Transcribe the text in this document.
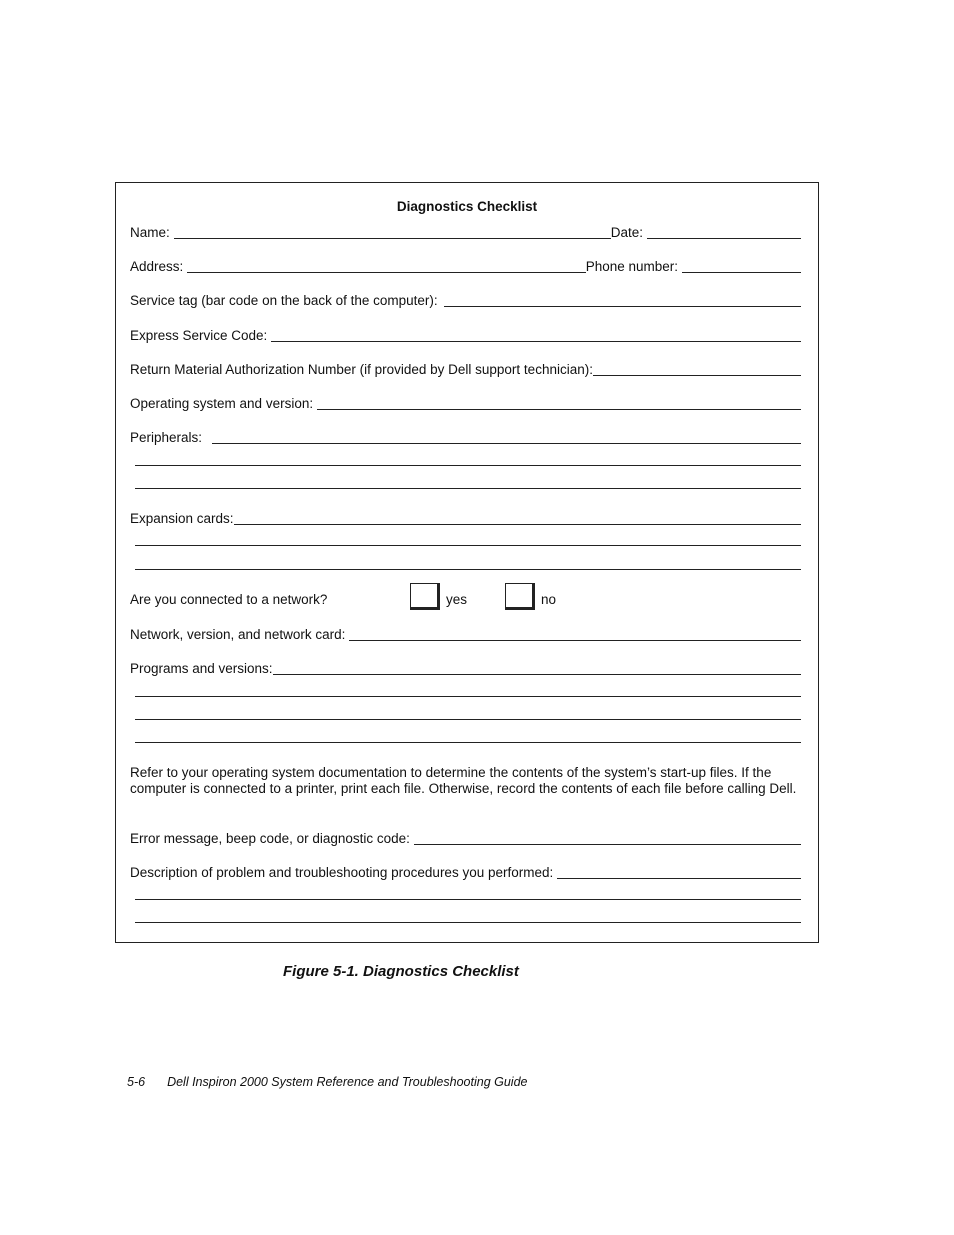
Diagnostics Checklist
Name:	Date:
Address:	Phone number:
Service tag (bar code on the back of the computer):
Express Service Code:
Return Material Authorization Number (if provided by Dell support technician):
Operating system and version:
Peripherals:
Expansion cards:
Are you connected to a network?	yes	no
Network, version, and network card:
Programs and versions:
Refer to your operating system documentation to determine the contents of the system’s start-up files. If the computer is connected to a printer, print each file. Otherwise, record the contents of each file before calling Dell.
Error message, beep code, or diagnostic code:
Description of problem and troubleshooting procedures you performed:
Figure 5-1. Diagnostics Checklist
5-6 Dell Inspiron 2000 System Reference and Troubleshooting Guide
